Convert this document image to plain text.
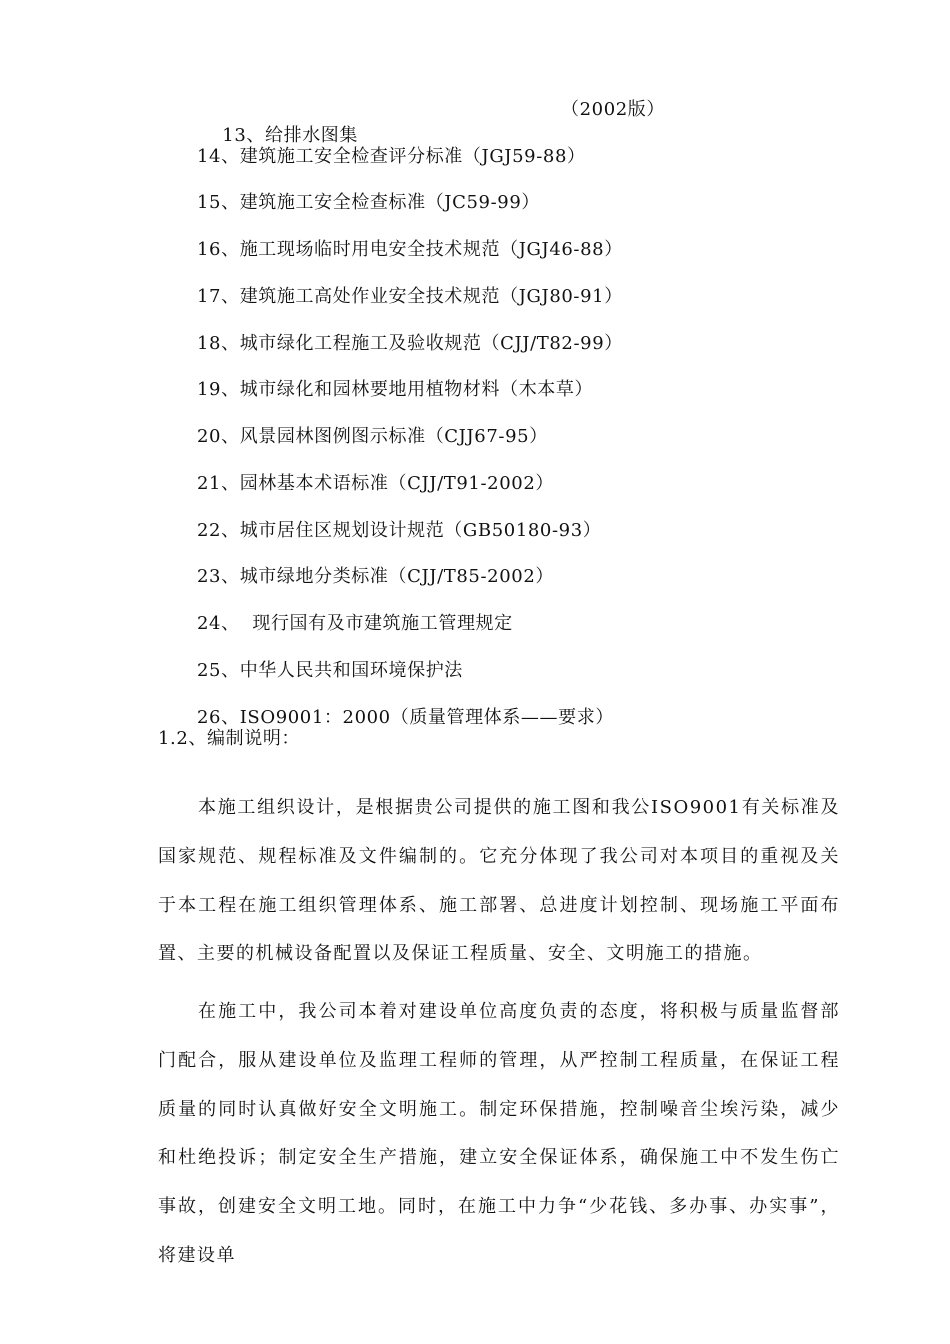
13、给排水图集
（2002版）

14、建筑施工安全检查评分标准（JGJ59-88）
15、建筑施工安全检查标准（JC59-99）
16、施工现场临时用电安全技术规范（JGJ46-88）
17、建筑施工高处作业安全技术规范（JGJ80-91）
18、城市绿化工程施工及验收规范（CJJ/T82-99）
19、城市绿化和园林要地用植物材料（木本草）
20、风景园林图例图示标准（CJJ67-95）
21、园林基本术语标准（CJJ/T91-2002）
22、城市居住区规划设计规范（GB50180-93）
23、城市绿地分类标准（CJJ/T85-2002）
24、  现行国有及市建筑施工管理规定
25、中华人民共和国环境保护法
26、ISO9001：2000（质量管理体系——要求）
1.2、编制说明：

本施工组织设计，是根据贵公司提供的施工图和我公ISO9001有关标准及国家规范、规程标准及文件编制的。它充分体现了我公司对本项目的重视及关于本工程在施工组织管理体系、施工部署、总进度计划控制、现场施工平面布置、主要的机械设备配置以及保证工程质量、安全、文明施工的措施。

在施工中，我公司本着对建设单位高度负责的态度，将积极与质量监督部门配合，服从建设单位及监理工程师的管理，从严控制工程质量，在保证工程质量的同时认真做好安全文明施工。制定环保措施，控制噪音尘埃污染，减少和杜绝投诉；制定安全生产措施，建立安全保证体系，确保施工中不发生伤亡事故，创建安全文明工地。同时，在施工中力争“少花钱、多办事、办实事”，将建设单
